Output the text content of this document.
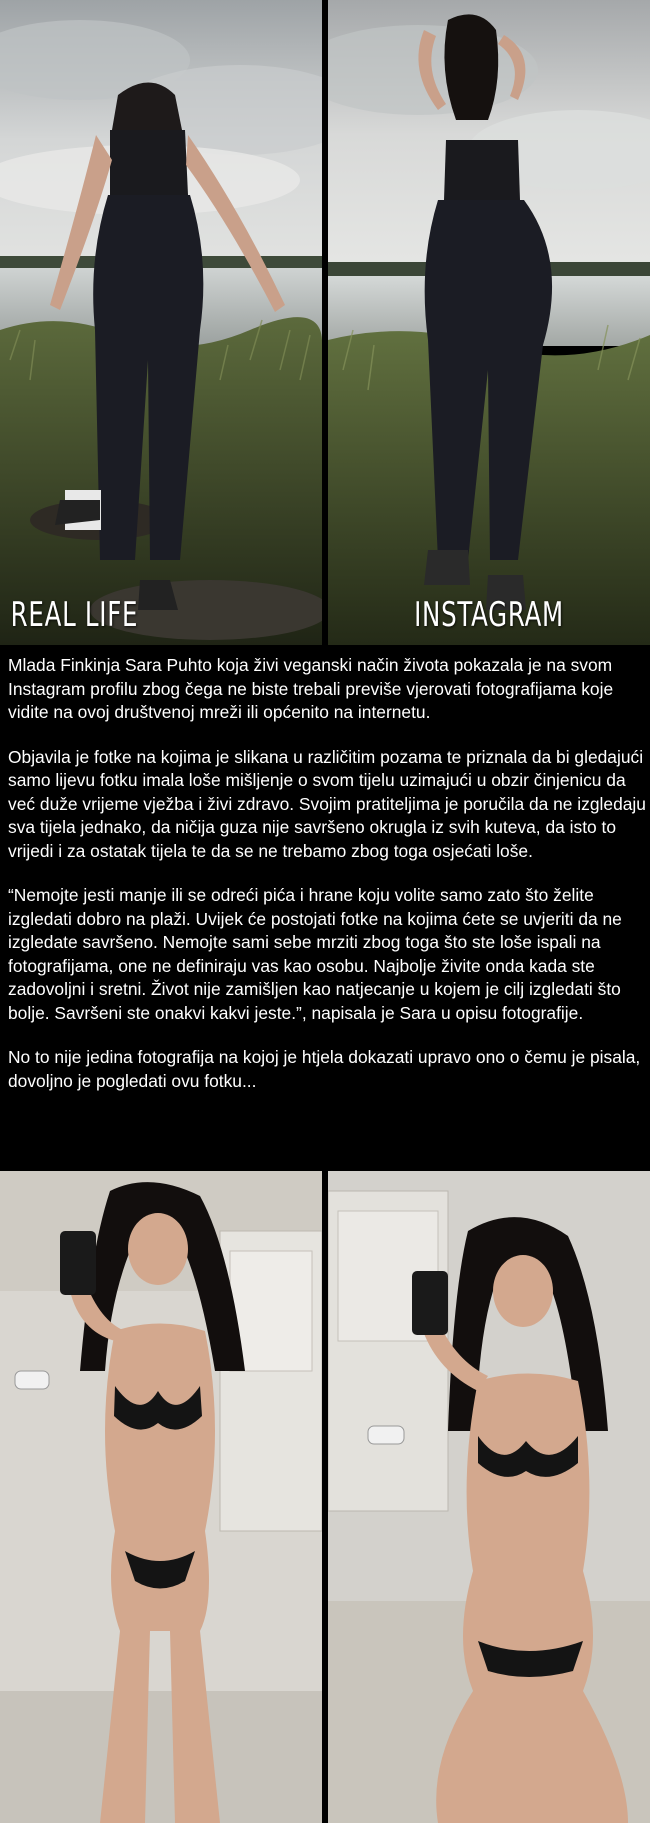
REAL LIFE	INSTAGRAM

Mlada Finkinja Sara Puhto koja živi veganski način života pokazala je na svom Instagram profilu zbog čega ne biste trebali previše vjerovati fotografijama koje vidite na ovoj društvenoj mreži ili općenito na internetu.

Objavila je fotke na kojima je slikana u različitim pozama te priznala da bi gledajući samo lijevu fotku imala loše mišljenje o svom tijelu uzimajući u obzir činjenicu da već duže vrijeme vježba i živi zdravo. Svojim pratiteljima je poručila da ne izgledaju sva tijela jednako, da ničija guza nije savršeno okrugla iz svih kuteva, da isto to vrijedi i za ostatak tijela te da se ne trebamo zbog toga osjećati loše.

“Nemojte jesti manje ili se odreći pića i hrane koju volite samo zato što želite izgledati dobro na plaži. Uvijek će postojati fotke na kojima ćete se uvjeriti da ne izgledate savršeno. Nemojte sami sebe mrziti zbog toga što ste loše ispali na fotografijama, one ne definiraju vas kao osobu. Najbolje živite onda kada ste zadovoljni i sretni. Život nije zamišljen kao natjecanje u kojem je cilj izgledati što bolje. Savršeni ste onakvi kakvi jeste.”, napisala je Sara u opisu fotografije.

No to nije jedina fotografija na kojoj je htjela dokazati upravo ono o čemu je pisala, dovoljno je pogledati ovu fotku...
